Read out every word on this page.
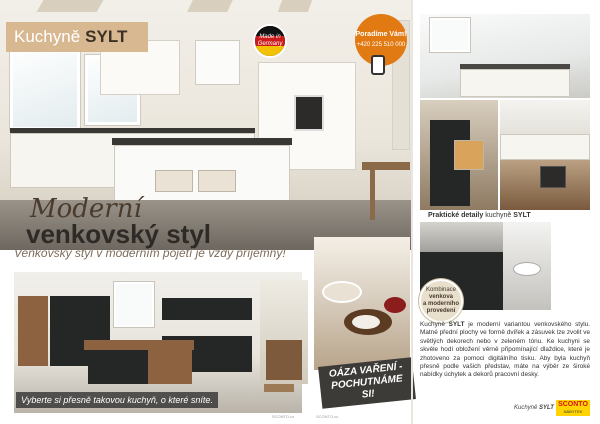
Kuchyně SYLT	Made in Germany
Poradíme Vám!
+420 225 510 000
Moderní
venkovský styl
Venkovský styl v moderním pojetí je vždy příjemný!
Vyberte si přesně takovou kuchyň, o které sníte.
OÁZA VAŘENÍ - POCHUTNÁME SI!
SCONTO.cz	SCONTO.cz
Praktické detaily kuchyně SYLT
Kombinace
venkova
a moderního
provedení
Kuchyně SYLT je moderní variantou venkovského stylu. Matné přední plochy ve formě dvířek a zásuvek lze zvolit ve světlých dekorech nebo v zeleném tónu. Ke kuchyni se skvěle hodí obložení věrně připomínající dlaždice, které je zhotoveno za pomoci digitálního tisku. Aby byla kuchyň přesně podle vašich představ, máte na výběr ze široké nabídky úchytek a dekorů pracovní desky.
Kuchyně SYLT SCONTO
NÁBYTEK
